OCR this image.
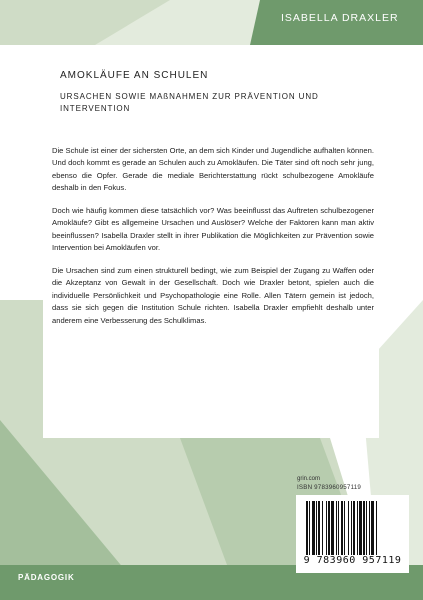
ISABELLA DRAXLER
AMOKLÄUFE AN SCHULEN
URSACHEN SOWIE MAßNAHMEN ZUR PRÄVENTION UND INTERVENTION
Die Schule ist einer der sichersten Orte, an dem sich Kinder und Jugendliche aufhalten können. Und doch kommt es gerade an Schulen auch zu Amokläufen. Die Täter sind oft noch sehr jung, ebenso die Opfer. Gerade die mediale Berichterstattung rückt schulbezogene Amokläufe deshalb in den Fokus.
Doch wie häufig kommen diese tatsächlich vor? Was beeinflusst das Auftreten schulbezogener Amokläufe? Gibt es allgemeine Ursachen und Auslöser? Welche der Faktoren kann man aktiv beeinflussen? Isabella Draxler stellt in ihrer Publikation die Möglichkeiten zur Prävention sowie Intervention bei Amokläufen vor.
Die Ursachen sind zum einen strukturell bedingt, wie zum Beispiel der Zugang zu Waffen oder die Akzeptanz von Gewalt in der Gesellschaft. Doch wie Draxler betont, spielen auch die individuelle Persönlichkeit und Psychopathologie eine Rolle. Allen Tätern gemein ist jedoch, dass sie sich gegen die Institution Schule richten. Isabella Draxler empfiehlt deshalb unter anderem eine Verbesserung des Schulklimas.
grin.com
ISBN 9783960957119
9 783960 957119
PÄDAGOGIK
